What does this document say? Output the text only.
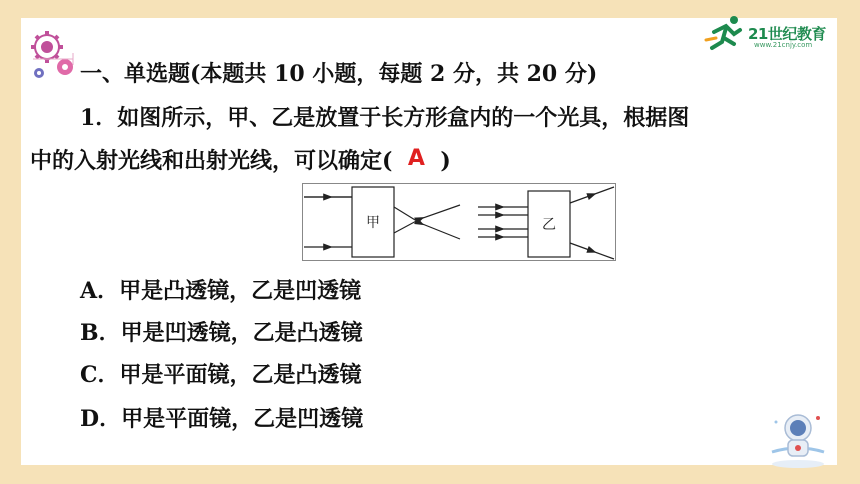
21世纪教育
www.21cnjy.com
一、单选题(本题共 10 小题，每题 2 分，共 20 分)
1．如图所示，甲、乙是放置于长方形盒内的一个光具，根据图
中的入射光线和出射光线，可以确定( A )
甲	乙
A．甲是凸透镜，乙是凹透镜
B．甲是凹透镜，乙是凸透镜
C．甲是平面镜，乙是凸透镜
D．甲是平面镜，乙是凹透镜
